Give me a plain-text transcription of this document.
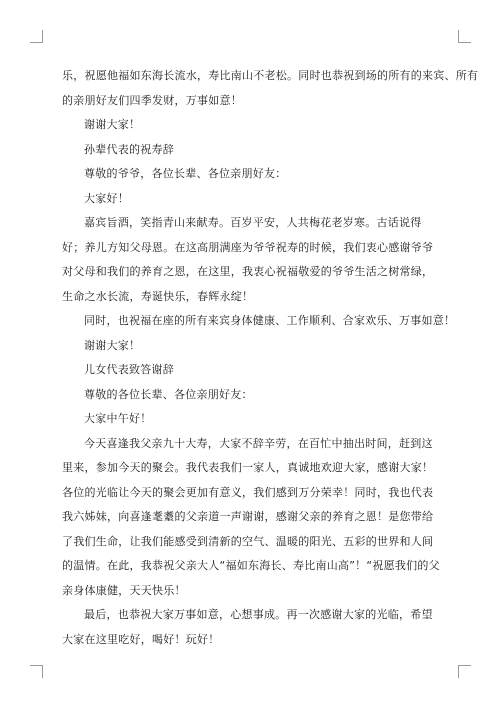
乐，祝愿他福如东海长流水，寿比南山不老松。同时也恭祝到场的所有的来宾、所有

的亲朋好友们四季发财，万事如意！

谢谢大家！

孙辈代表的祝寿辞

尊敬的爷爷，各位长辈、各位亲朋好友：

大家好！

嘉宾旨酒，笑指青山来献寿。百岁平安，人共梅花老岁寒。古话说得好；养儿方知父母恩。在这高朋满座为爷爷祝寿的时候，我们衷心感谢爷爷对父母和我们的养育之恩，在这里，我衷心祝福敬爱的爷爷生活之树常绿，生命之水长流，寿诞快乐，春辉永绽！

同时，也祝福在座的所有来宾身体健康、工作顺利、合家欢乐、万事如意！

谢谢大家！

儿女代表致答谢辞

尊敬的各位长辈、各位亲朋好友：

大家中午好！

今天喜逢我父亲九十大寿，大家不辞辛劳，在百忙中抽出时间，赶到这里来，参加今天的聚会。我代表我们一家人，真诚地欢迎大家，感谢大家！各位的光临让今天的聚会更加有意义，我们感到万分荣幸！同时，我也代表我六姊妹，向喜逢耄耋的父亲道一声谢谢，感谢父亲的养育之恩！是您带给了我们生命，让我们能感受到清新的空气、温暖的阳光、五彩的世界和人间的温情。在此，我恭祝父亲大人“福如东海长、寿比南山高”！“祝愿我们的父亲身体康健，天天快乐！

最后，也恭祝大家万事如意，心想事成。再一次感谢大家的光临，希望大家在这里吃好，喝好！玩好！
